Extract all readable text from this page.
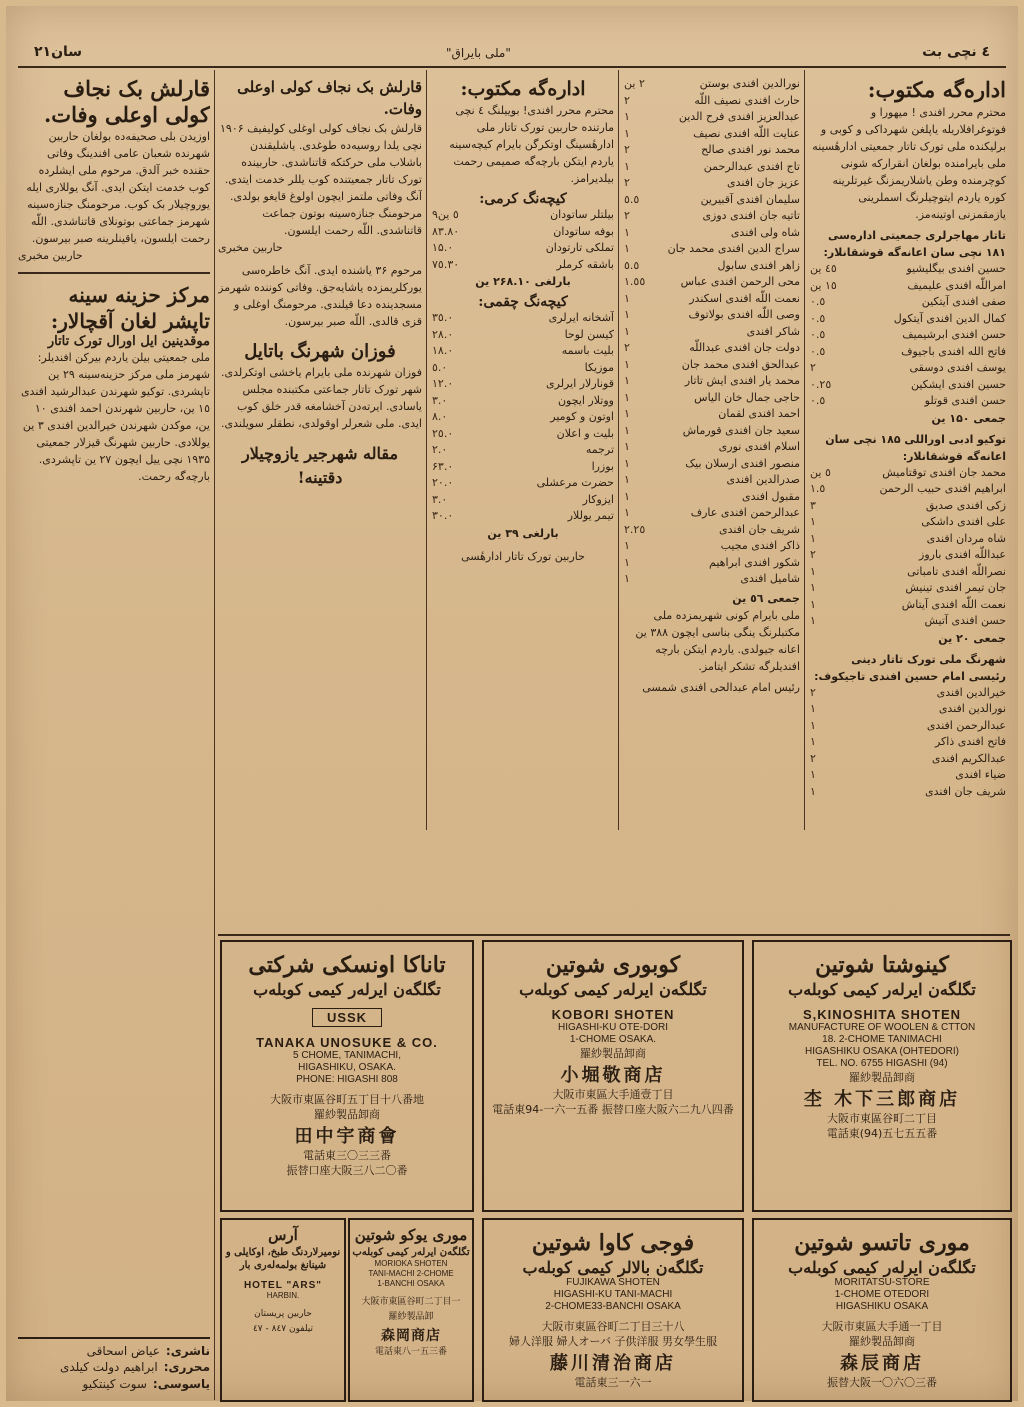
سان۲۱	"ملی بایراق"	٤ نچی بت
اداره‌گه مکتوب:
محترم محرر افندی ! میهورا و فوتوغرافلاریله یاپلغن شهرداکی و کوبی و برلیکنده ملی تورک تاتار جمعیتی ادارهٔسینه ملی بایرامنده بولغان انقرارکه شونی کوچرمنده وطن یاشلاریمزنگ غیرتلرینه کوره یاردم ایتوچیلرنگ اسملرینی یازمقمزنی اوتینه‌مز.
تاتار مهاجرلری جمعیتی اداره‌سی ۱۸۱ نچی سان اعانه‌گه قوشقانلار:
حسین افندی بیگلیشیو
٤٥ ین
امراللّه افندی علیمیف
١٥ ین
صفی افندی آیتکین
٠.٥
کمال الدین افندی آیتکول
٠.٥
حسن افندی ابرشیمیف
٠.٥
فاتح الله افندی باجیوف
٠.٥
یوسف افندی دوسقی
٢
حسین افندی ایشکین
٠.٢٥
حسن افندی قوتلو
٠.٥
جمعی ۱۵۰ ین
توکیو ادبی اوراللی ۱۸۵ نچی سان اعانه‌گه قوشقانلار:
محمد جان افندی توقتامیش
٥ ین
ابراهیم افندی حبیب الرحمن
١.٥
زکی افندی صدیق
٣
علی افندی داشکی
١
شاه مردان افندی
١
عبداللّه افندی باروز
٢
نصراللّه افندی تامباتی
١
جان تیمر افندی تینیش
١
نعمت اللّه افندی آیتاش
١
حسن افندی آتیش
١
جمعی ۲۰ ین
شهرنگ ملی تورک تاتار دینی رئیسی امام حسین افندی تاجیکوف:
خیرالدین افندی
٢
نورالدین افندی
١
عبدالرحمن افندی
١
فاتح افندی ذاکر
١
عبدالکریم افندی
٢
ضیاء افندی
١
شریف جان افندی
١
نورالدین افندی بوستن
٢ ین
حارث افندی نصیف اللّه
٢
عبدالعزیز افندی فرح الدین
١
عنایت اللّه افندی نصیف
١
محمد نور افندی صالح
٢
تاج افندی عبدالرحمن
١
عزیز جان افندی
٢
سلیمان افندی آقبیرین
٥.٥
تاتیه جان افندی دوزی
٢
شاه ولی افندی
١
سراج الدین افندی محمد جان
١
زاهر افندی سابول
٥.٥
محی الرحمن افندی عباس
١.٥٥
نعمت اللّه افندی اسکندر
١
وصی اللّه افندی بولاتوف
١
شاکر افندی
١
دولت جان افندی عبداللّه
٢
عبدالحق افندی محمد جان
١
محمد یار افندی ایش تاتار
١
حاجی جمال خان الیاس
١
احمد افندی لقمان
١
سعید جان افندی قورماش
١
اسلام افندی نوری
١
منصور افندی ارسلان بیک
١
صدرالدین افندی
١
مقبول افندی
١
عبدالرحمن افندی عارف
١
شریف جان افندی
٢.٢٥
ذاکر افندی مجیب
١
شکور افندی ابراهیم
١
شامیل افندی
١
جمعی ٥٦ ین
ملی بایرام کونی شهریمزده ملی مکتبلرنگ ینگی بناسی ایچون ۳۸۸ ین اعانه جیولدی. یاردم ایتکن بارچه افندیلرگه تشکر ایتامز.
رئیس امام عبدالحی افندی شمسی
اداره‌گه مکتوب:
محترم محرر افندی! بوییلنگ ٤ نچی مارتنده حاربین تورک تاتار ملی ادارهٔسینگ اوتکرگن بایرام کیچه‌سینه یاردم ایتکن بارچه‌گه صمیمی رحمت بیلدیرامز.
کیچه‌نگ کرمی:
بیلتلر ساتودان
۹٥ ین
بوفه ساتودان
۸۳.۸۰
تملکی تارتودان
۱۵.۰
باشقه کرملر
۷٥.۳۰
بارلغی ۲۶۸.۱۰ ین
کیچه‌نگ چقمی:
آشخانه ایرلری
۳٥.۰
کیسن لوحا
۲۸.۰
بلیت باسمه
۱۸.۰
موزیکا
٥.۰
قونارلار ایرلری
۱۲.۰
ووتلار ایچون
۳.۰
اوتون و کومیر
۸.۰
بلیت و اعلان
۲٥.۰
ترجمه
۲.۰
بوزرا
۶۳.۰
حضرت مرعشلی
۲۰.۰
ایزوکار
۳.۰
تیمر یوللار
۳۰.۰
بارلغی ۳۹ ین
حاربین تورک تاتار ادارهٔسی
قارلش بک نجاف کولی اوعلی وفات.
قارلش بک نجاف کولی اوغلی کولیفیف ۱۹۰۶ نچی یلدا روسیه‌ده طوغدی. یاشلیقندن باشلاب ملی حرکتکه قاتناشدی. حاربینده تورک تاتار جمعیتنده کوب یللر خدمت ایتدی. آنگ وفاتی ملتمز ایچون اولوغ قایغو بولدی. مرحومنگ جنازه‌سینه بوتون جماعت قاتناشدی. اللّه رحمت ایلسون.
حاربین مخبری
مرحوم ۳۶ یاشنده ایدی. آنگ خاطره‌سی یورکلریمزده یاشایه‌جق. وفاتی کوننده شهرمز مسجدینده دعا قیلندی. مرحومنگ اوغلی و قزی قالدی. اللّه صبر بیرسون.
فوزان شهرنگ باتایل
فوزان شهرنده ملی بایرام یاخشی اوتکرلدی. شهر تورک تاتار جماعتی مکتبنده مجلس یاسادی. ایرته‌دن آخشامغه قدر خلق کوب ایدی. ملی شعرلر اوقولدی، نطقلر سویلندی.
مقاله‌ شهرجیر یازوچیلار دقتینه!
قارلش بک نجاف کولی اوعلی وفات.
اوزیدن بلی صحیفه‌ده بولغان حاربین شهرنده شعبان عامی افندینگ وفاتی حقنده خبر آلدق. مرحوم ملی ایشلرده کوب خدمت ایتکن ایدی. آنگ یوللاری ایله یوروچیلار بک کوب. مرحومنگ جنازه‌سینه شهرمز جماعتی بوتونلای قاتناشدی. اللّه رحمت ایلسون، یاقینلرینه صبر بیرسون.
حاربین مخبری
مرکز حزینه سینه تاپشر لغان آقچالار:
موقدینین ایل اورال تورک تاتار
ملی جمعیتی بیلن یاردم بیرکن افندیلر: شهرمز ملی مرکز حزینه‌سینه ۲۹ ین تاپشردی. توکیو شهرندن عبدالرشید افندی ۱٥ ین، حاربین شهرندن احمد افندی ۱۰ ین، موکدن شهرندن خیرالدین افندی ۳ ین یوللادی. حاربین شهرنگ قیزلار جمعیتی ۱۹۳۵ نچی ییل ایچون ۲۷ ین تاپشردی. بارچه‌گه رحمت.
ناشری:
عیاض اسحاقی
محرری:
ابراهیم دولت کیلدی
یاسوسی:
سوت کینتکیو
تاناکا اونسکی شرکتی
تگلگه‌ن ایرله‌ر کیمی کوبله‌ب
USSK
TANAKA UNOSUKE & CO.
5 CHOME, TANIMACHI,
HIGASHIKU, OSAKA.
PHONE: HIGASHI 808
大阪市東區谷町五丁目十八番地
羅紗製品卸商
田中宇商會
電話東三〇三三番
振替口座大阪三八二〇番
کوبوری شوتین
تگلگه‌ن ایرله‌ر کیمی کوبله‌ب
KOBORI SHOTEN
HIGASHI-KU OTE-DORI
1-CHOME OSAKA.
羅紗製品卸商
小堀敬商店
大阪市東區大手通壹丁目
電話東94-一六一五番 振替口座大阪六二九八四番
کینوشتا شوتین
تگلگه‌ن ایرله‌ر کیمی کوبله‌ب
S,KINOSHITA SHOTEN
MANUFACTURE OF WOOLEN & CTTON
18. 2-CHOME TANIMACHI
HIGASHIKU OSAKA (OHTEDORI)
TEL. NO. 6755 HIGASHI (94)
羅紗製品卸商
杢 木下三郎商店
大阪市東區谷町二丁目
電話東(94)五七五五番
آرس
نومیرلاردنگ طبخ، اوکایلی و شینانغ بولمه‌له‌ری بار
HOTEL "ARS"
HARBIN.
حاربین پریستان
تیلفون ۸٤۷ - ٤٧
موری یوکو شوتین
تگلگه‌ن ایرله‌ر کیمی کوبله‌ب
MORIOKA SHOTEN
TANI-MACHI 2-CHOME
1-BANCHI OSAKA
大阪市東區谷町二丁目一
羅紗製品卸
森岡商店
電話東八一五三番
فوجی کاوا شوتین
تگلگه‌ن بالالر کیمی کوبله‌ب
FUJIKAWA SHOTEN
HIGASHI-KU TANI-MACHI
2-CHOME33-BANCHI OSAKA
大阪市東區谷町二丁目三十八
婦人洋服 婦人オーバ 子供洋服 男女學生服
藤川清治商店
電話東三一六一
موری تاتسو شوتین
تگلگه‌ن ایرله‌ر کیمی کوبله‌ب
MORITATSU-STORE
1-CHOME OTEDORI
HIGASHIKU OSAKA
大阪市東區大手通一丁目
羅紗製品卸商
森辰商店
振替大阪一〇六〇三番
